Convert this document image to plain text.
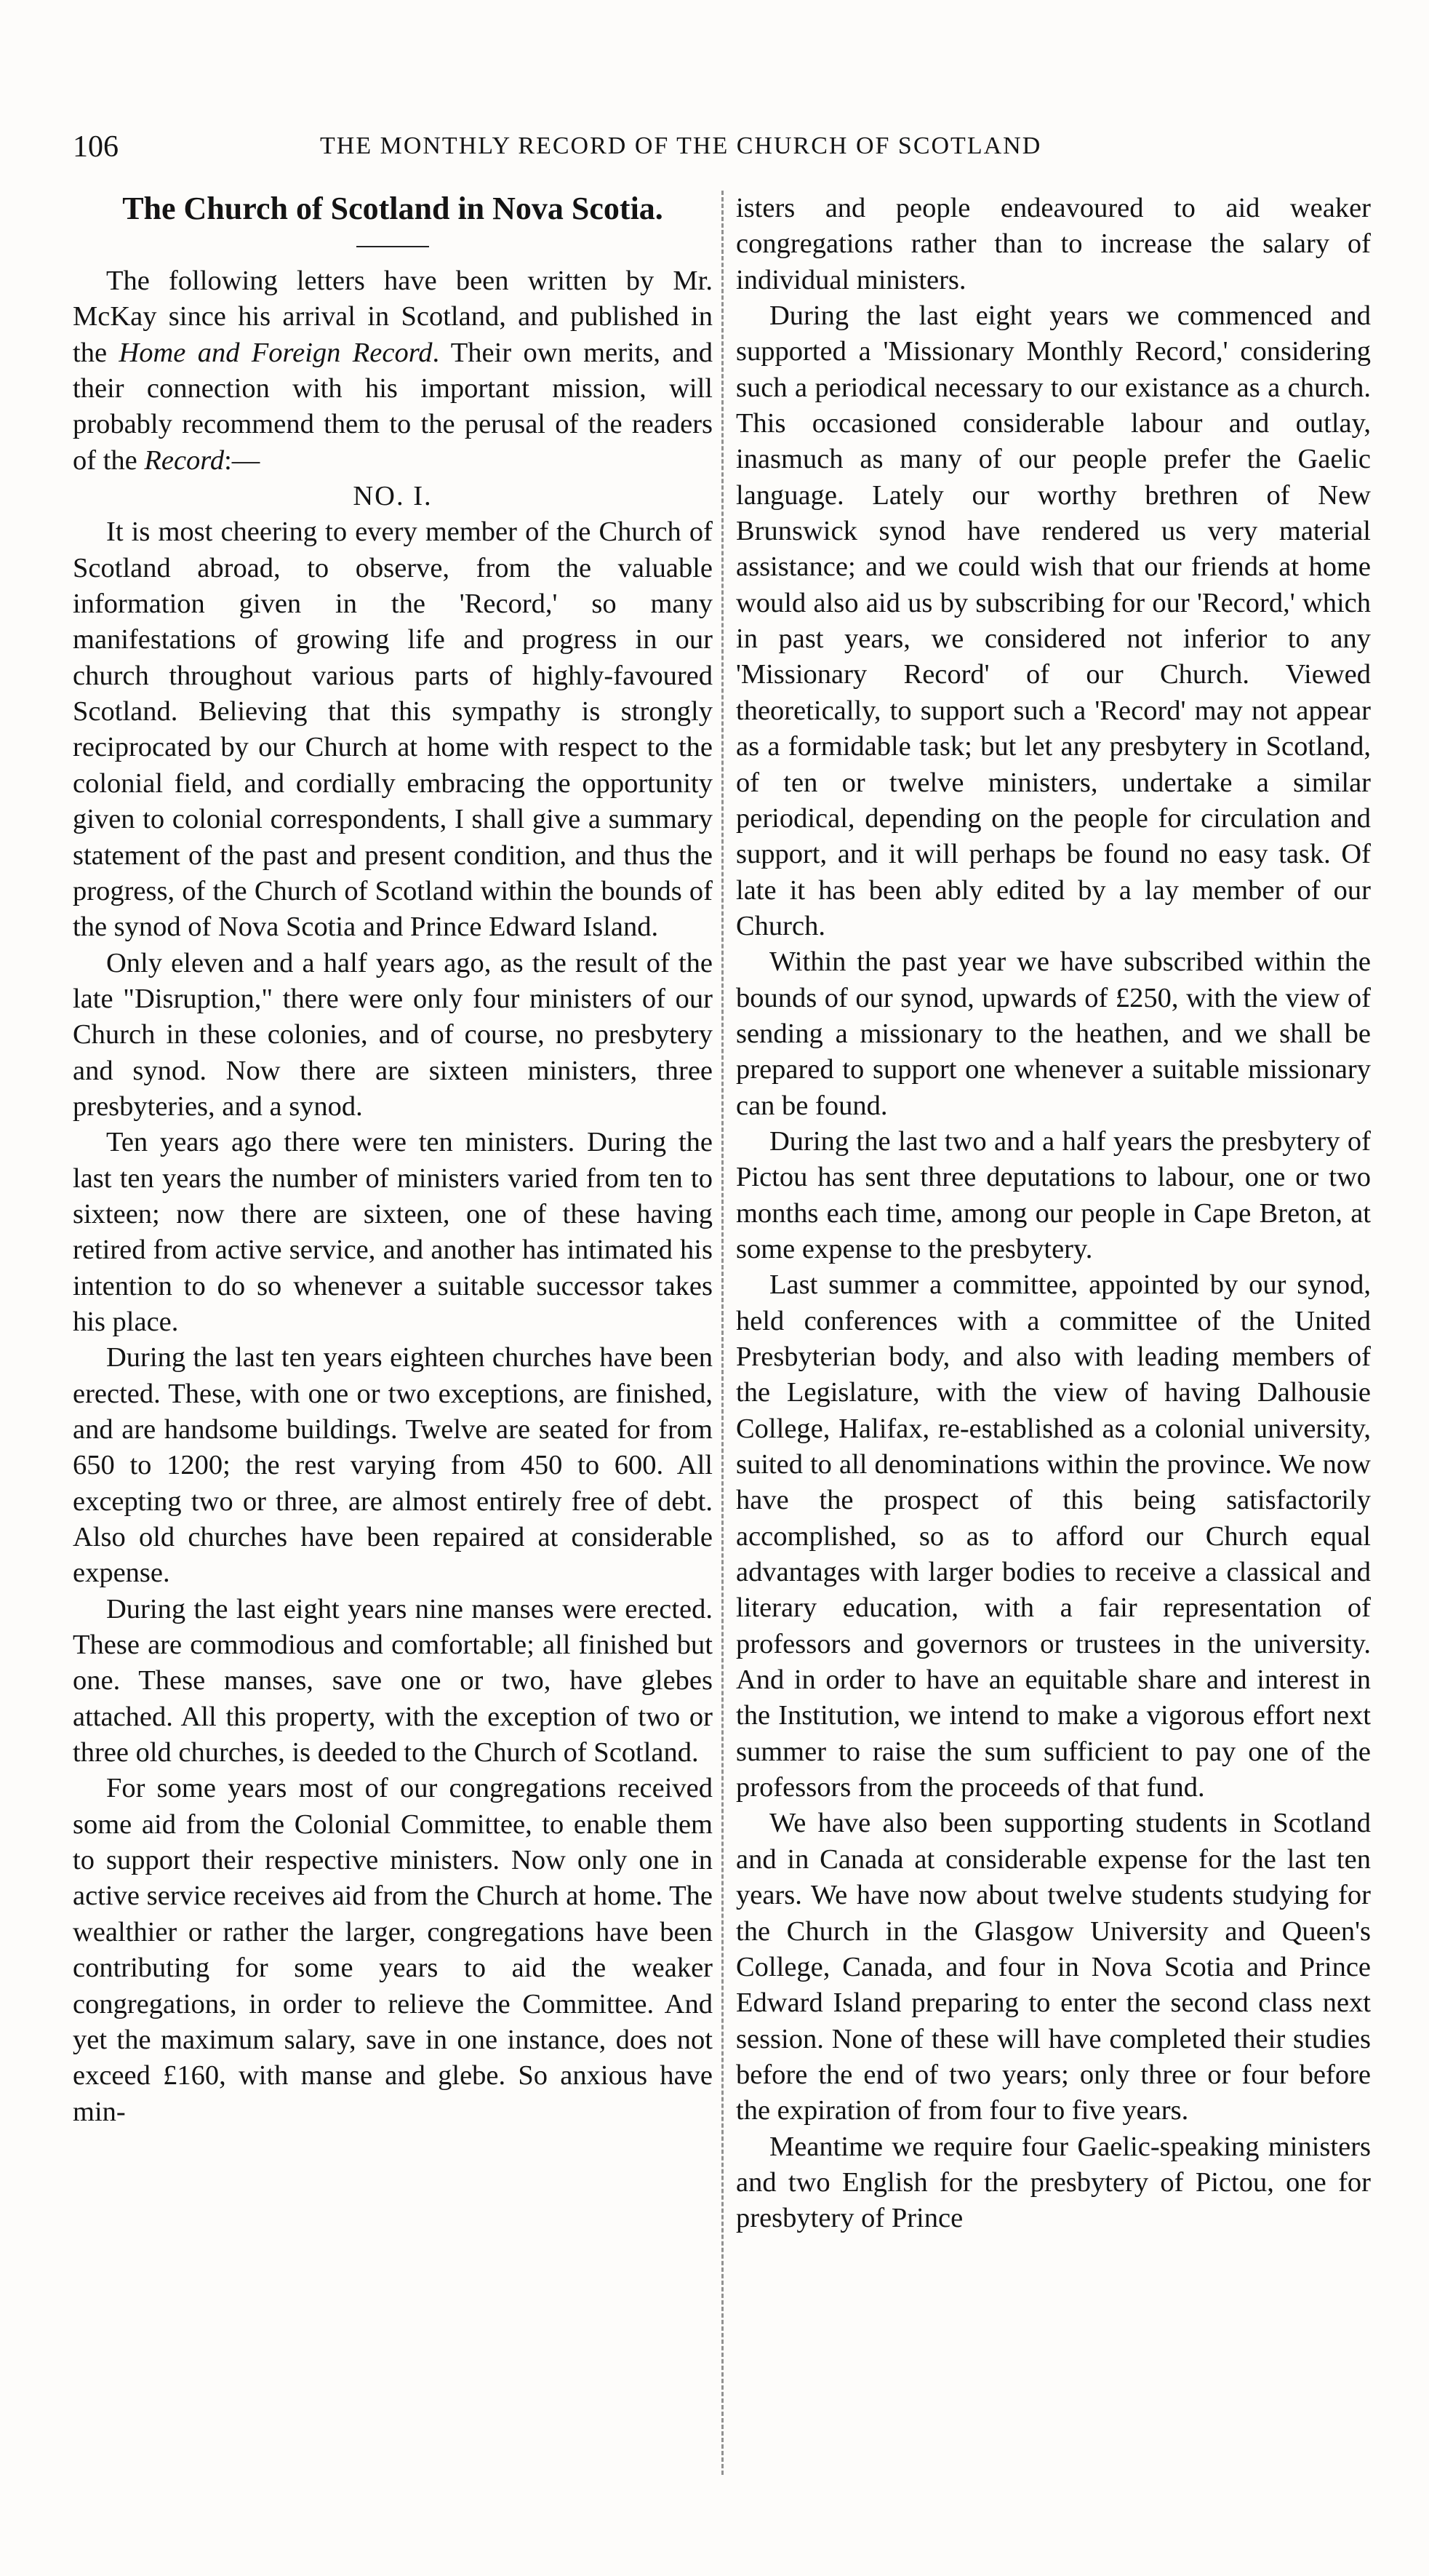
106	THE MONTHLY RECORD OF THE CHURCH OF SCOTLAND
The Church of Scotland in Nova Scotia.

The following letters have been written by Mr. McKay since his arrival in Scotland, and published in the Home and Foreign Record. Their own merits, and their connection with his important mission, will probably recommend them to the perusal of the readers of the Record:—

NO. I.

It is most cheering to every member of the Church of Scotland abroad, to observe, from the valuable information given in the 'Record,' so many manifestations of growing life and progress in our church throughout various parts of highly-favoured Scotland. Believing that this sympathy is strongly reciprocated by our Church at home with respect to the colonial field, and cordially embracing the opportunity given to colonial correspondents, I shall give a summary statement of the past and present condition, and thus the progress, of the Church of Scotland within the bounds of the synod of Nova Scotia and Prince Edward Island.

Only eleven and a half years ago, as the result of the late "Disruption," there were only four ministers of our Church in these colonies, and of course, no presbytery and synod. Now there are sixteen ministers, three presbyteries, and a synod.

Ten years ago there were ten ministers. During the last ten years the number of ministers varied from ten to sixteen; now there are sixteen, one of these having retired from active service, and another has intimated his intention to do so whenever a suitable successor takes his place.

During the last ten years eighteen churches have been erected. These, with one or two exceptions, are finished, and are handsome buildings. Twelve are seated for from 650 to 1200; the rest varying from 450 to 600. All excepting two or three, are almost entirely free of debt. Also old churches have been repaired at considerable expense.

During the last eight years nine manses were erected. These are commodious and comfortable; all finished but one. These manses, save one or two, have glebes attached. All this property, with the exception of two or three old churches, is deeded to the Church of Scotland.

For some years most of our congregations received some aid from the Colonial Committee, to enable them to support their respective ministers. Now only one in active service receives aid from the Church at home. The wealthier or rather the larger, congregations have been contributing for some years to aid the weaker congregations, in order to relieve the Committee. And yet the maximum salary, save in one instance, does not exceed £160, with manse and glebe. So anxious have min-

isters and people endeavoured to aid weaker congregations rather than to increase the salary of individual ministers.

During the last eight years we commenced and supported a 'Missionary Monthly Record,' considering such a periodical necessary to our existance as a church. This occasioned considerable labour and outlay, inasmuch as many of our people prefer the Gaelic language. Lately our worthy brethren of New Brunswick synod have rendered us very material assistance; and we could wish that our friends at home would also aid us by subscribing for our 'Record,' which in past years, we considered not inferior to any 'Missionary Record' of our Church. Viewed theoretically, to support such a 'Record' may not appear as a formidable task; but let any presbytery in Scotland, of ten or twelve ministers, undertake a similar periodical, depending on the people for circulation and support, and it will perhaps be found no easy task. Of late it has been ably edited by a lay member of our Church.

Within the past year we have subscribed within the bounds of our synod, upwards of £250, with the view of sending a missionary to the heathen, and we shall be prepared to support one whenever a suitable missionary can be found.

During the last two and a half years the presbytery of Pictou has sent three deputations to labour, one or two months each time, among our people in Cape Breton, at some expense to the presbytery.

Last summer a committee, appointed by our synod, held conferences with a committee of the United Presbyterian body, and also with leading members of the Legislature, with the view of having Dalhousie College, Halifax, re-established as a colonial university, suited to all denominations within the province. We now have the prospect of this being satisfactorily accomplished, so as to afford our Church equal advantages with larger bodies to receive a classical and literary education, with a fair representation of professors and governors or trustees in the university. And in order to have an equitable share and interest in the Institution, we intend to make a vigorous effort next summer to raise the sum sufficient to pay one of the professors from the proceeds of that fund.

We have also been supporting students in Scotland and in Canada at considerable expense for the last ten years. We have now about twelve students studying for the Church in the Glasgow University and Queen's College, Canada, and four in Nova Scotia and Prince Edward Island preparing to enter the second class next session. None of these will have completed their studies before the end of two years; only three or four before the expiration of from four to five years.

Meantime we require four Gaelic-speaking ministers and two English for the presbytery of Pictou, one for presbytery of Prince
